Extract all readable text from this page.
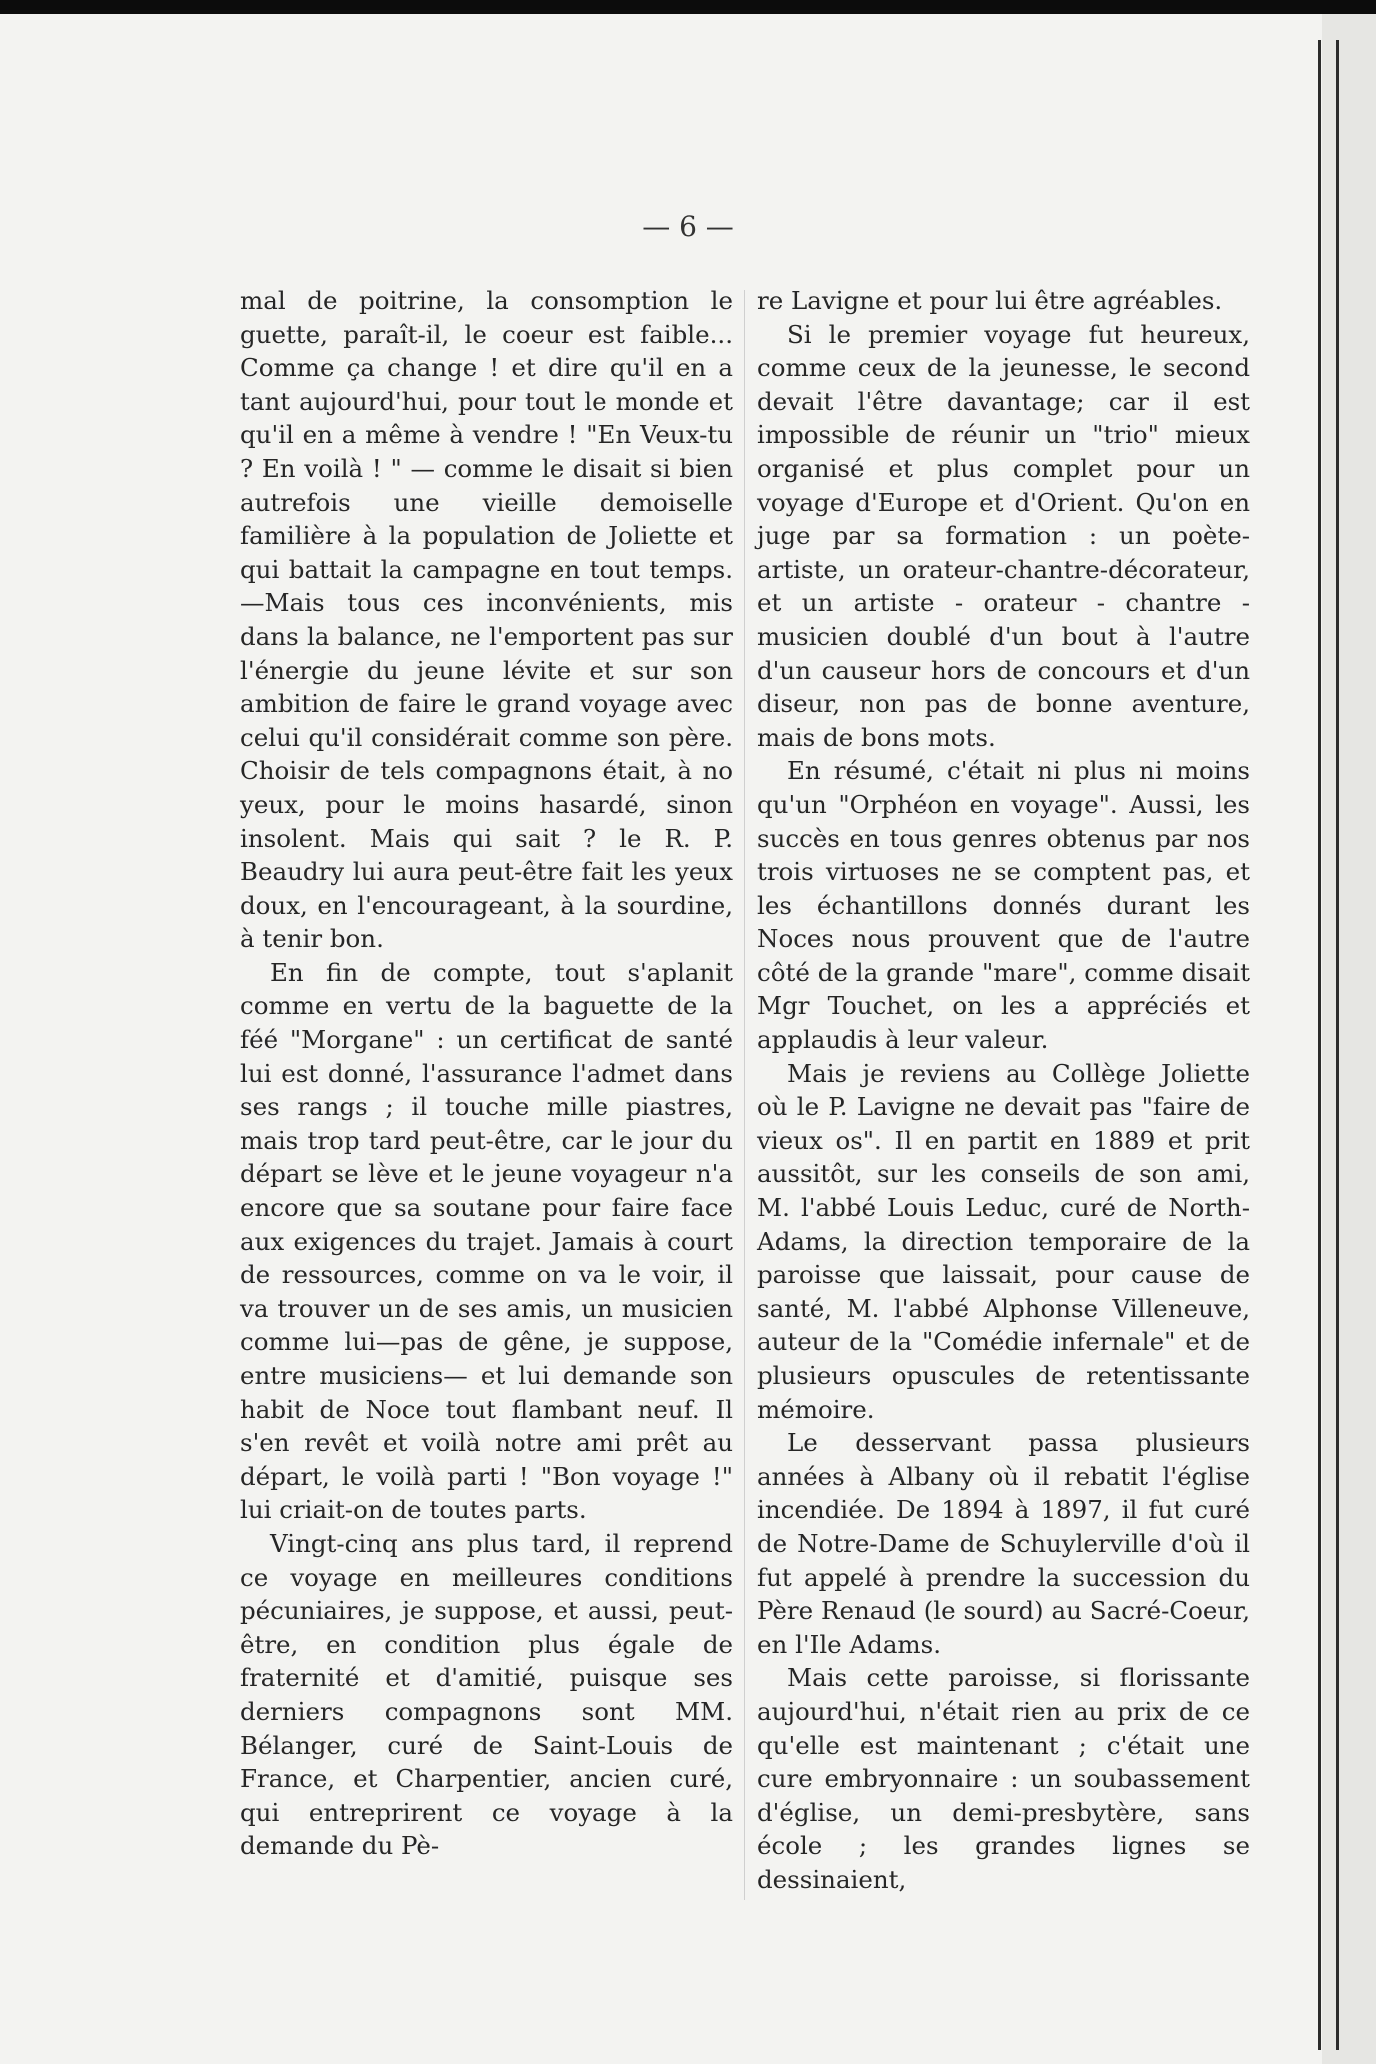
— 6 —

mal de poitrine, la consomption le guette, paraît-il, le coeur est faible... Comme ça change ! et dire qu'il en a tant aujourd'hui, pour tout le monde et qu'il en a même à vendre ! "En Veux-tu ? En voilà ! " — comme le disait si bien autrefois une vieille demoiselle familière à la population de Joliette et qui battait la campagne en tout temps.—Mais tous ces inconvénients, mis dans la balance, ne l'emportent pas sur l'énergie du jeune lévite et sur son ambition de faire le grand voyage avec celui qu'il considérait comme son père. Choisir de tels compagnons était, à no yeux, pour le moins hasardé, sinon insolent. Mais qui sait ? le R. P. Beaudry lui aura peut-être fait les yeux doux, en l'encourageant, à la sourdine, à tenir bon.

En fin de compte, tout s'aplanit comme en vertu de la baguette de la féé "Morgane" : un certificat de santé lui est donné, l'assurance l'admet dans ses rangs ; il touche mille piastres, mais trop tard peut-être, car le jour du départ se lève et le jeune voyageur n'a encore que sa soutane pour faire face aux exigences du trajet. Jamais à court de ressources, comme on va le voir, il va trouver un de ses amis, un musicien comme lui—pas de gêne, je suppose, entre musiciens— et lui demande son habit de Noce tout flambant neuf. Il s'en revêt et voilà notre ami prêt au départ, le voilà parti ! "Bon voyage !" lui criait-on de toutes parts.

Vingt-cinq ans plus tard, il reprend ce voyage en meilleures conditions pécuniaires, je suppose, et aussi, peut-être, en condition plus égale de fraternité et d'amitié, puisque ses derniers compagnons sont MM. Bélanger, curé de Saint-Louis de France, et Charpentier, ancien curé, qui entreprirent ce voyage à la demande du Pè-

re Lavigne et pour lui être agréables.

Si le premier voyage fut heureux, comme ceux de la jeunesse, le second devait l'être davantage; car il est impossible de réunir un "trio" mieux organisé et plus complet pour un voyage d'Europe et d'Orient. Qu'on en juge par sa formation : un poète-artiste, un orateur-chantre-décorateur, et un artiste - orateur - chantre - musicien doublé d'un bout à l'autre d'un causeur hors de concours et d'un diseur, non pas de bonne aventure, mais de bons mots.

En résumé, c'était ni plus ni moins qu'un "Orphéon en voyage". Aussi, les succès en tous genres obtenus par nos trois virtuoses ne se comptent pas, et les échantillons donnés durant les Noces nous prouvent que de l'autre côté de la grande "mare", comme disait Mgr Touchet, on les a appréciés et applaudis à leur valeur.

Mais je reviens au Collège Joliette où le P. Lavigne ne devait pas "faire de vieux os". Il en partit en 1889 et prit aussitôt, sur les conseils de son ami, M. l'abbé Louis Leduc, curé de North-Adams, la direction temporaire de la paroisse que laissait, pour cause de santé, M. l'abbé Alphonse Villeneuve, auteur de la "Comédie infernale" et de plusieurs opuscules de retentissante mémoire.

Le desservant passa plusieurs années à Albany où il rebatit l'église incendiée. De 1894 à 1897, il fut curé de Notre-Dame de Schuylerville d'où il fut appelé à prendre la succession du Père Renaud (le sourd) au Sacré-Coeur, en l'Ile Adams.

Mais cette paroisse, si florissante aujourd'hui, n'était rien au prix de ce qu'elle est maintenant ; c'était une cure embryonnaire : un soubassement d'église, un demi-presbytère, sans école ; les grandes lignes se dessinaient,
